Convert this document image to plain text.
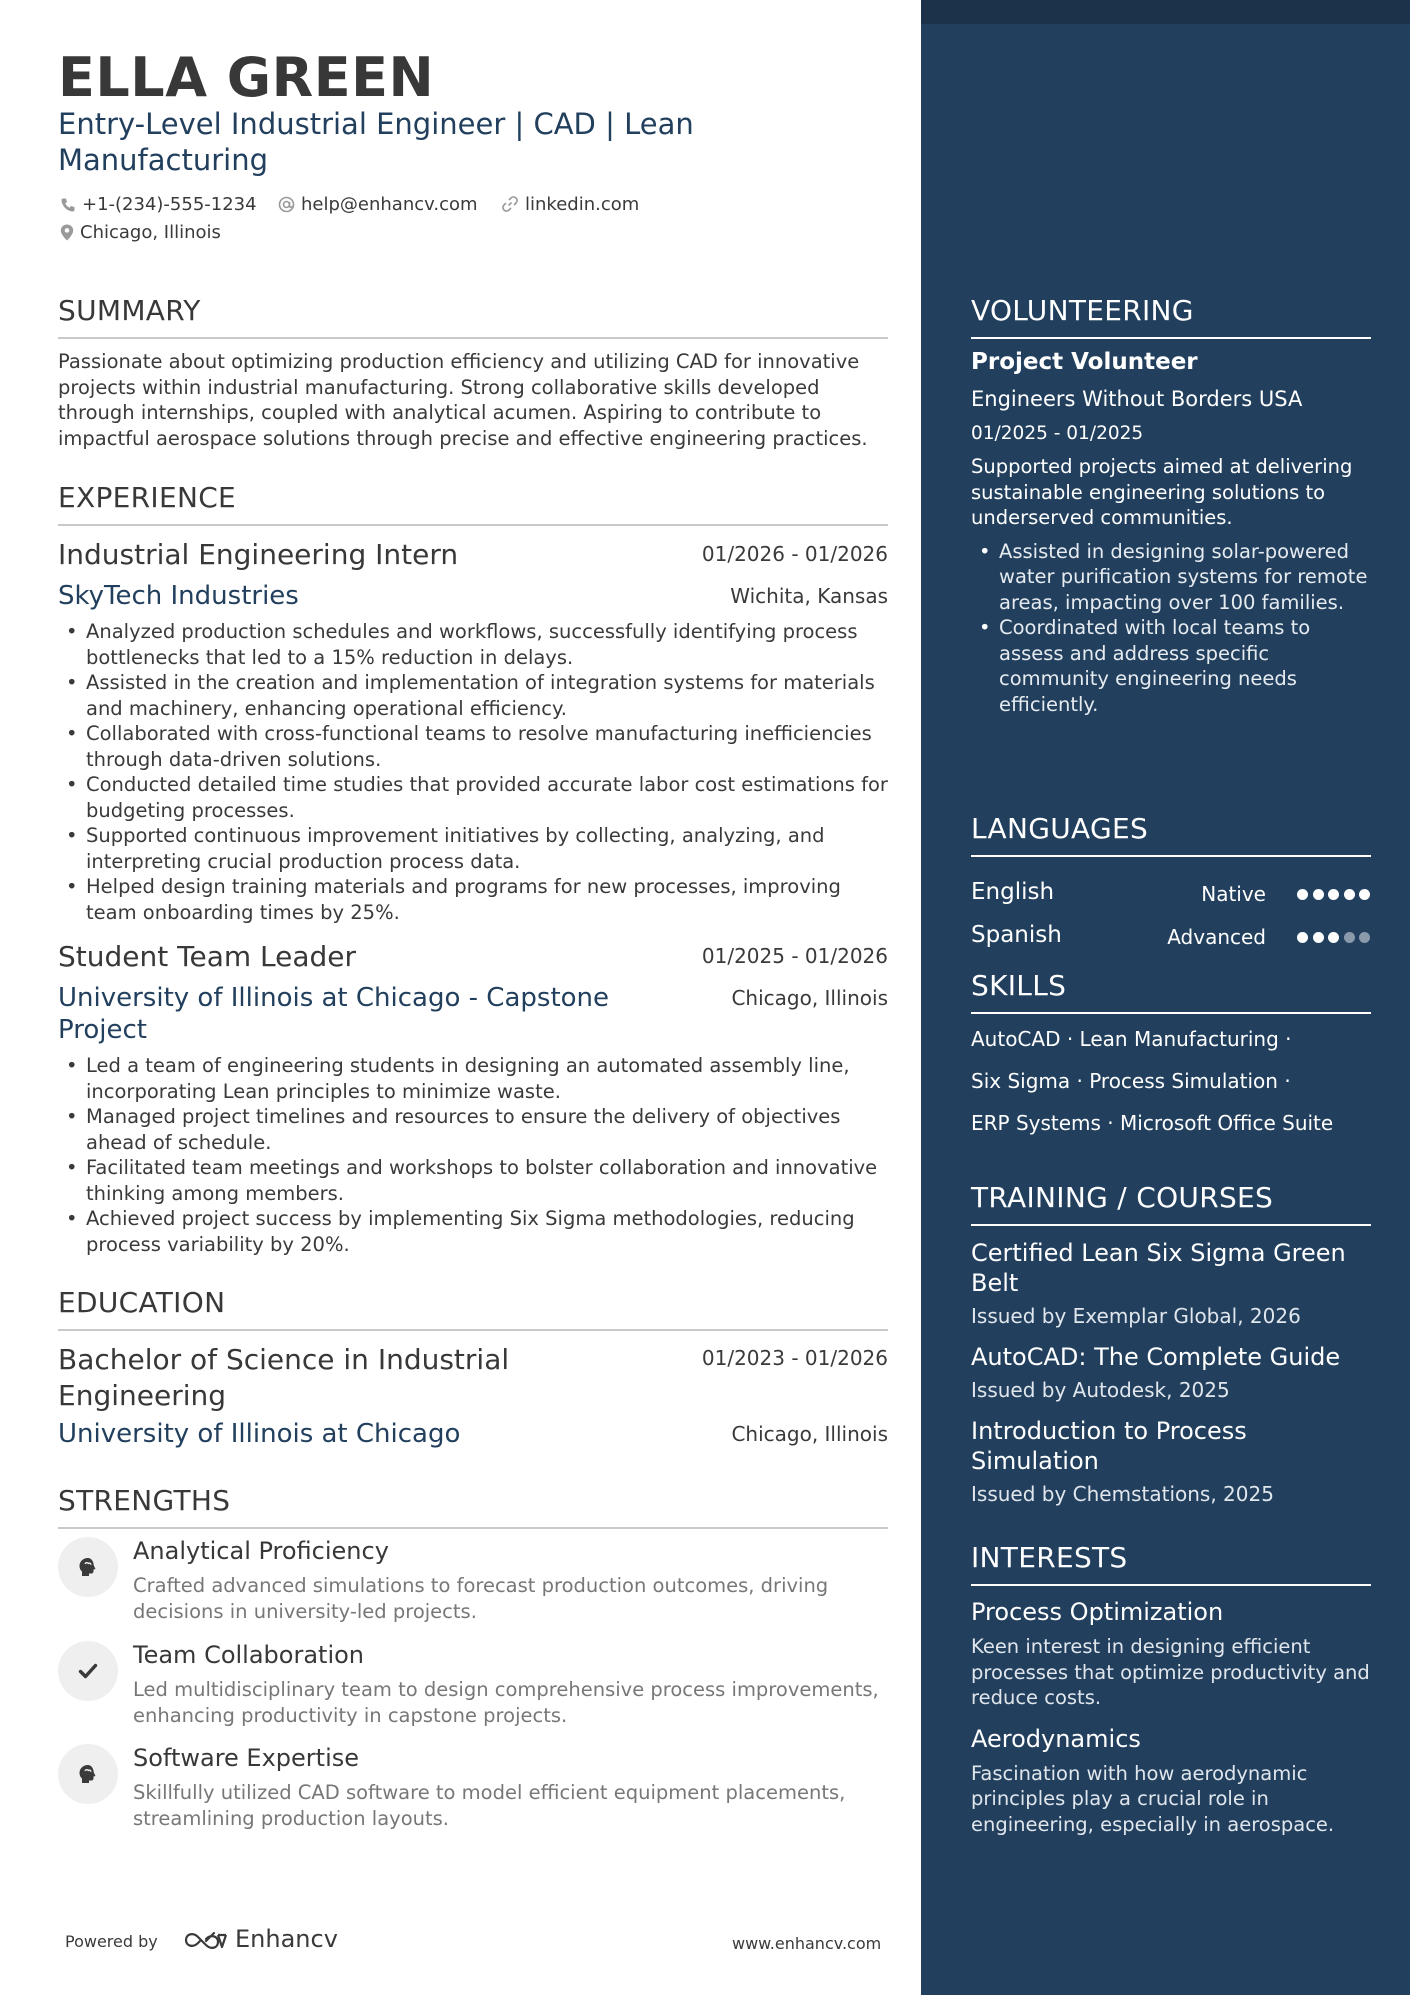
ELLA GREEN
Entry-Level Industrial Engineer | CAD | Lean Manufacturing
+1-(234)-555-1234	help@enhancv.com	linkedin.com
Chicago, Illinois
SUMMARY
Passionate about optimizing production efficiency and utilizing CAD for innovative projects within industrial manufacturing. Strong collaborative skills developed through internships, coupled with analytical acumen. Aspiring to contribute to impactful aerospace solutions through precise and effective engineering practices.
EXPERIENCE
Industrial Engineering Intern	01/2026 - 01/2026
SkyTech Industries	Wichita, Kansas
• Analyzed production schedules and workflows, successfully identifying process bottlenecks that led to a 15% reduction in delays.
• Assisted in the creation and implementation of integration systems for materials and machinery, enhancing operational efficiency.
• Collaborated with cross-functional teams to resolve manufacturing inefficiencies through data-driven solutions.
• Conducted detailed time studies that provided accurate labor cost estimations for budgeting processes.
• Supported continuous improvement initiatives by collecting, analyzing, and interpreting crucial production process data.
• Helped design training materials and programs for new processes, improving team onboarding times by 25%.
Student Team Leader	01/2025 - 01/2026
University of Illinois at Chicago - Capstone Project
Chicago, Illinois
• Led a team of engineering students in designing an automated assembly line, incorporating Lean principles to minimize waste.
• Managed project timelines and resources to ensure the delivery of objectives ahead of schedule.
• Facilitated team meetings and workshops to bolster collaboration and innovative thinking among members.
• Achieved project success by implementing Six Sigma methodologies, reducing process variability by 20%.
EDUCATION
Bachelor of Science in Industrial Engineering
01/2023 - 01/2026
University of Illinois at Chicago	Chicago, Illinois
STRENGTHS
Analytical Proficiency
Crafted advanced simulations to forecast production outcomes, driving decisions in university-led projects.
Team Collaboration
Led multidisciplinary team to design comprehensive process improvements, enhancing productivity in capstone projects.
Software Expertise
Skillfully utilized CAD software to model efficient equipment placements, streamlining production layouts.
Powered by	Enhancv	www.enhancv.com
VOLUNTEERING
Project Volunteer
Engineers Without Borders USA
01/2025 - 01/2025
Supported projects aimed at delivering sustainable engineering solutions to underserved communities.
• Assisted in designing solar-powered water purification systems for remote areas, impacting over 100 families.
• Coordinated with local teams to assess and address specific community engineering needs efficiently.
LANGUAGES
English	Native
Spanish	Advanced
SKILLS
AutoCAD · Lean Manufacturing ·
Six Sigma · Process Simulation ·
ERP Systems · Microsoft Office Suite
TRAINING / COURSES
Certified Lean Six Sigma Green Belt
Issued by Exemplar Global, 2026
AutoCAD: The Complete Guide
Issued by Autodesk, 2025
Introduction to Process Simulation
Issued by Chemstations, 2025
INTERESTS
Process Optimization
Keen interest in designing efficient processes that optimize productivity and reduce costs.
Aerodynamics
Fascination with how aerodynamic principles play a crucial role in engineering, especially in aerospace.
